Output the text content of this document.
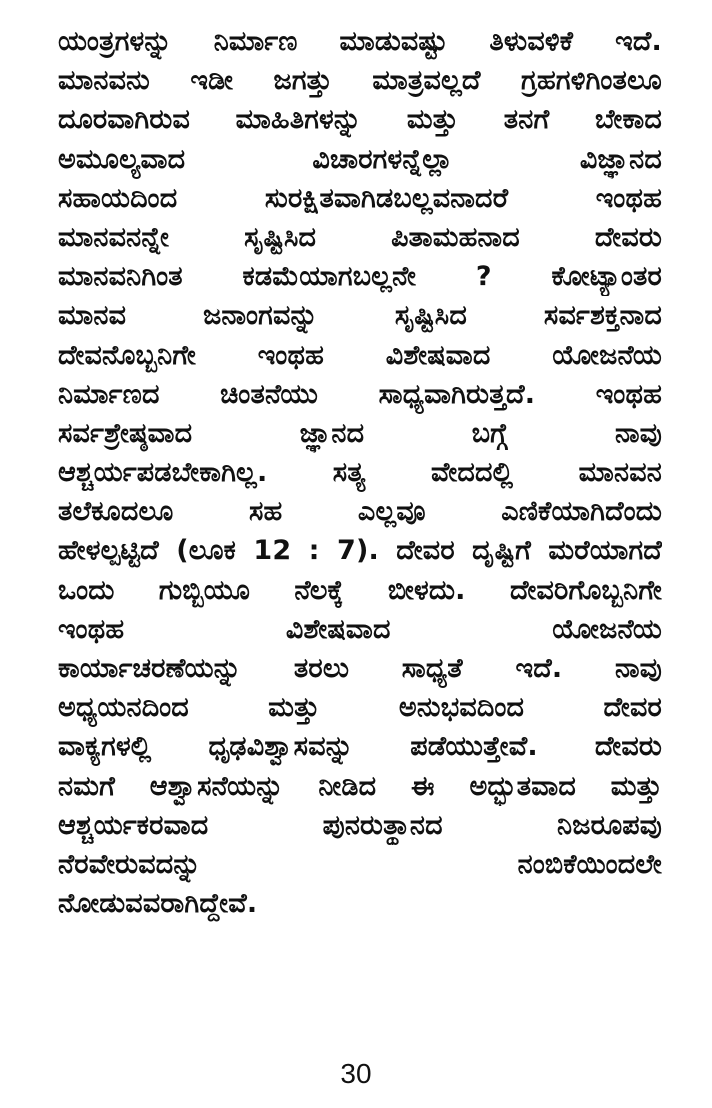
ಯಂತ್ರಗಳನ್ನು ನಿರ್ಮಾಣ ಮಾಡುವಷ್ಟು ತಿಳುವಳಿಕೆ ಇದೆ.
ಮಾನವನು ಇಡೀ ಜಗತ್ತು ಮಾತ್ರವಲ್ಲದೆ ಗ್ರಹಗಳಿಗಿಂತಲೂ
ದೂರವಾಗಿರುವ ಮಾಹಿತಿಗಳನ್ನು ಮತ್ತು ತನಗೆ ಬೇಕಾದ
ಅಮೂಲ್ಯವಾದ ವಿಚಾರಗಳನ್ನೆಲ್ಲಾ ವಿಜ್ಞಾನದ
ಸಹಾಯದಿಂದ ಸುರಕ್ಷಿತವಾಗಿಡಬಲ್ಲವನಾದರೆ ಇಂಥಹ
ಮಾನವನನ್ನೇ ಸೃಷ್ಟಿಸಿದ ಪಿತಾಮಹನಾದ ದೇವರು
ಮಾನವನಿಗಿಂತ ಕಡಮೆಯಾಗಬಲ್ಲನೇ ? ಕೋಟ್ಯಾಂತರ
ಮಾನವ ಜನಾಂಗವನ್ನು ಸೃಷ್ಟಿಸಿದ ಸರ್ವಶಕ್ತನಾದ
ದೇವನೊಬ್ಬನಿಗೇ ಇಂಥಹ ವಿಶೇಷವಾದ ಯೋಜನೆಯ
ನಿರ್ಮಾಣದ ಚಿಂತನೆಯು ಸಾಧ್ಯವಾಗಿರುತ್ತದೆ. ಇಂಥಹ
ಸರ್ವಶ್ರೇಷ್ಠವಾದ ಜ್ಞಾನದ ಬಗ್ಗೆ ನಾವು
ಆಶ್ಚರ್ಯಪಡಬೇಕಾಗಿಲ್ಲ. ಸತ್ಯ ವೇದದಲ್ಲಿ ಮಾನವನ
ತಲೆಕೂದಲೂ ಸಹ ಎಲ್ಲವೂ ಎಣಿಕೆಯಾಗಿದೆಂದು
ಹೇಳಲ್ಪಟ್ಟಿದೆ (ಲೂಕ 12 : 7). ದೇವರ ದೃಷ್ಟಿಗೆ ಮರೆಯಾಗದೆ
ಒಂದು ಗುಬ್ಬಿಯೂ ನೆಲಕ್ಕೆ ಬೀಳದು. ದೇವರಿಗೊಬ್ಬನಿಗೇ
ಇಂಥಹ ವಿಶೇಷವಾದ ಯೋಜನೆಯ
ಕಾರ್ಯಾಚರಣೆಯನ್ನು ತರಲು ಸಾಧ್ಯತೆ ಇದೆ. ನಾವು
ಅಧ್ಯಯನದಿಂದ ಮತ್ತು ಅನುಭವದಿಂದ ದೇವರ
ವಾಕ್ಯಗಳಲ್ಲಿ ಧೃಢವಿಶ್ವಾಸವನ್ನು ಪಡೆಯುತ್ತೇವೆ. ದೇವರು
ನಮಗೆ ಆಶ್ವಾಸನೆಯನ್ನು ನೀಡಿದ ಈ ಅದ್ಭುತವಾದ ಮತ್ತು
ಆಶ್ಚರ್ಯಕರವಾದ ಪುನರುತ್ಥಾನದ ನಿಜರೂಪವು
ನೆರವೇರುವದನ್ನು ನಂಬಿಕೆಯಿಂದಲೇ
ನೋಡುವವರಾಗಿದ್ದೇವೆ.
30
